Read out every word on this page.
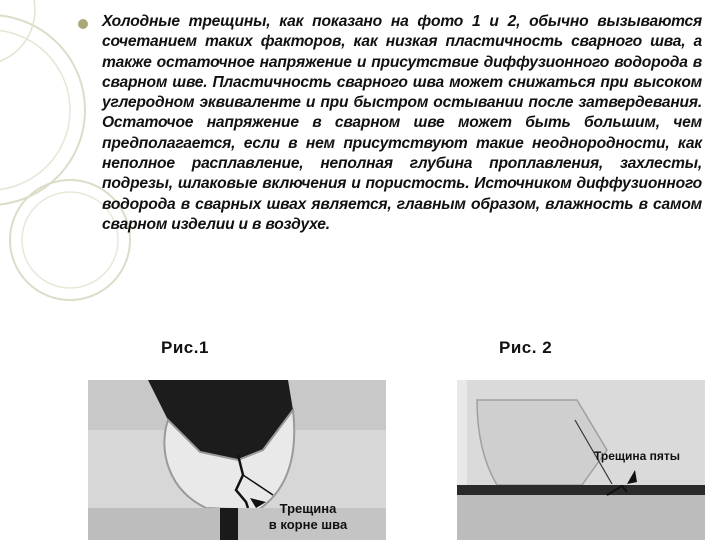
Холодные трещины, как показано на фото 1 и 2, обычно вызываются сочетанием таких факторов, как низкая пластичность сварного шва, а также остаточное напряжение и присутствие диффузионного водорода в сварном шве. Пластичность сварного шва может снижаться при высоком углеродном эквиваленте и при быстром остывании после затвердевания. Остаточое напряжение в сварном шве может быть большим, чем предполагается, если в нем присутствуют такие неоднородности, как неполное расплавление, неполная глубина проплавления, захлесты, подрезы, шлаковые включения и пористость. Источником диффузионного водорода в сварных швах является, главным образом, влажность в самом сварном изделии и в воздухе.

Рис.1	Рис. 2

Трещина
в корне шва

Трещина пяты
